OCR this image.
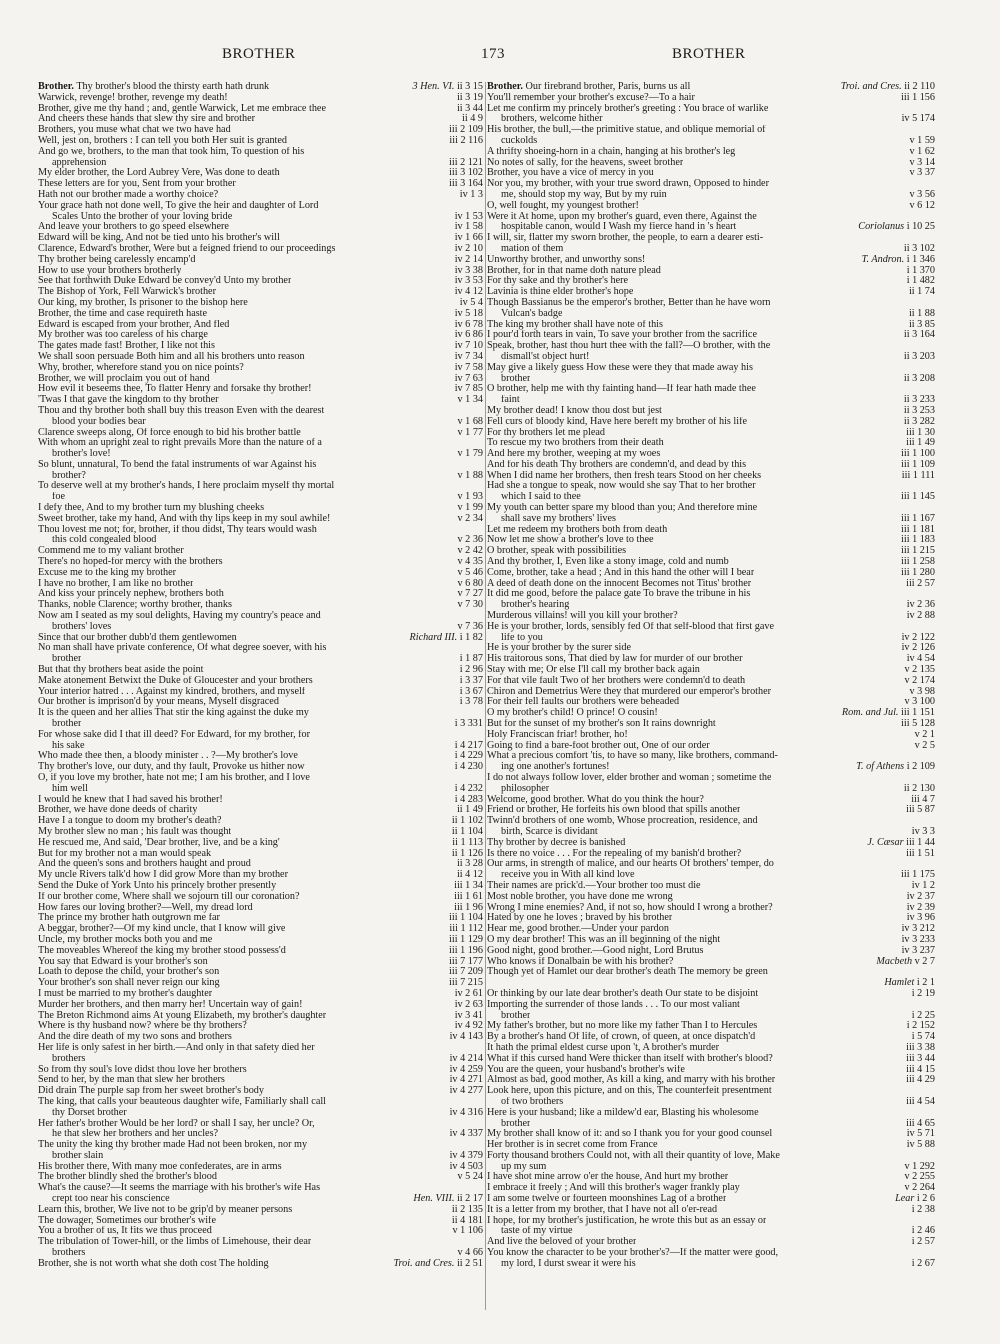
BROTHER	173	BROTHER
Brother. Thy brother's blood the thirsty earth hath drunk	3 Hen. VI. ii 3 15
Warwick, revenge! brother, revenge my death!	ii 3 19
Brother, give me thy hand ; and, gentle Warwick, Let me embrace thee	ii 3 44
And cheers these hands that slew thy sire and brother	ii 4 9
Brothers, you muse what chat we two have had	iii 2 109
Well, jest on, brothers : I can tell you both Her suit is granted	iii 2 116
And go we, brothers, to the man that took him, To question of his
apprehension	iii 2 121
My elder brother, the Lord Aubrey Vere, Was done to death	iii 3 102
These letters are for you, Sent from your brother	iii 3 164
Hath not our brother made a worthy choice?	iv 1 3
Your grace hath not done well, To give the heir and daughter of Lord
Scales Unto the brother of your loving bride	iv 1 53
And leave your brothers to go speed elsewhere	iv 1 58
Edward will be king, And not be tied unto his brother's will	iv 1 66
Clarence, Edward's brother, Were but a feigned friend to our proceedings	iv 2 10
Thy brother being carelessly encamp'd	iv 2 14
How to use your brothers brotherly	iv 3 38
See that forthwith Duke Edward be convey'd Unto my brother	iv 3 53
The Bishop of York, Fell Warwick's brother	iv 4 12
Our king, my brother, Is prisoner to the bishop here	iv 5 4
Brother, the time and case requireth haste	iv 5 18
Edward is escaped from your brother, And fled	iv 6 78
My brother was too careless of his charge	iv 6 86
The gates made fast! Brother, I like not this	iv 7 10
We shall soon persuade Both him and all his brothers unto reason	iv 7 34
Why, brother, wherefore stand you on nice points?	iv 7 58
Brother, we will proclaim you out of hand	iv 7 63
How evil it beseems thee, To flatter Henry and forsake thy brother!	iv 7 85
'Twas I that gave the kingdom to thy brother	v 1 34
Thou and thy brother both shall buy this treason Even with the dearest
blood your bodies bear	v 1 68
Clarence sweeps along, Of force enough to bid his brother battle	v 1 77
With whom an upright zeal to right prevails More than the nature of a
brother's love!	v 1 79
So blunt, unnatural, To bend the fatal instruments of war Against his
brother?	v 1 88
To deserve well at my brother's hands, I here proclaim myself thy mortal
foe	v 1 93
I defy thee, And to my brother turn my blushing cheeks	v 1 99
Sweet brother, take my hand, And with thy lips keep in my soul awhile!	v 2 34
Thou lovest me not; for, brother, if thou didst, Thy tears would wash
this cold congealed blood	v 2 36
Commend me to my valiant brother	v 2 42
There's no hoped-for mercy with the brothers	v 4 35
Excuse me to the king my brother	v 5 46
I have no brother, I am like no brother	v 6 80
And kiss your princely nephew, brothers both	v 7 27
Thanks, noble Clarence; worthy brother, thanks	v 7 30
Now am I seated as my soul delights, Having my country's peace and
brothers' loves	v 7 36
Since that our brother dubb'd them gentlewomen	Richard III. i 1 82
No man shall have private conference, Of what degree soever, with his
brother	i 1 87
But that thy brothers beat aside the point	i 2 96
Make atonement Betwixt the Duke of Gloucester and your brothers	i 3 37
Your interior hatred . . . Against my kindred, brothers, and myself	i 3 67
Our brother is imprison'd by your means, Myself disgraced	i 3 78
It is the queen and her allies That stir the king against the duke my
brother	i 3 331
For whose sake did I that ill deed? For Edward, for my brother, for
his sake	i 4 217
Who made thee then, a bloody minister . . ?—My brother's love	i 4 229
Thy brother's love, our duty, and thy fault, Provoke us hither now	i 4 230
O, if you love my brother, hate not me; I am his brother, and I love
him well	i 4 232
I would he knew that I had saved his brother!	i 4 283
Brother, we have done deeds of charity	ii 1 49
Have I a tongue to doom my brother's death?	ii 1 102
My brother slew no man ; his fault was thought	ii 1 104
He rescued me, And said, 'Dear brother, live, and be a king'	ii 1 113
But for my brother not a man would speak	ii 1 126
And the queen's sons and brothers haught and proud	ii 3 28
My uncle Rivers talk'd how I did grow More than my brother	ii 4 12
Send the Duke of York Unto his princely brother presently	iii 1 34
If our brother come, Where shall we sojourn till our coronation?	iii 1 61
How fares our loving brother?—Well, my dread lord	iii 1 96
The prince my brother hath outgrown me far	iii 1 104
A beggar, brother?—Of my kind uncle, that I know will give	iii 1 112
Uncle, my brother mocks both you and me	iii 1 129
The moveables Whereof the king my brother stood possess'd	iii 1 196
You say that Edward is your brother's son	iii 7 177
Loath to depose the child, your brother's son	iii 7 209
Your brother's son shall never reign our king	iii 7 215
I must be married to my brother's daughter	iv 2 61
Murder her brothers, and then marry her! Uncertain way of gain!	iv 2 63
The Breton Richmond aims At young Elizabeth, my brother's daughter	iv 3 41
Where is thy husband now? where be thy brothers?	iv 4 92
And the dire death of my two sons and brothers	iv 4 143
Her life is only safest in her birth.—And only in that safety died her
brothers	iv 4 214
So from thy soul's love didst thou love her brothers	iv 4 259
Send to her, by the man that slew her brothers	iv 4 271
Did drain The purple sap from her sweet brother's body	iv 4 277
The king, that calls your beauteous daughter wife, Familiarly shall call
thy Dorset brother	iv 4 316
Her father's brother Would be her lord? or shall I say, her uncle? Or,
he that slew her brothers and her uncles?	iv 4 337
The unity the king thy brother made Had not been broken, nor my
brother slain	iv 4 379
His brother there, With many moe confederates, are in arms	iv 4 503
The brother blindly shed the brother's blood	v 5 24
What's the cause?—It seems the marriage with his brother's wife Has
crept too near his conscience	Hen. VIII. ii 2 17
Learn this, brother, We live not to be grip'd by meaner persons	ii 2 135
The dowager, Sometimes our brother's wife	ii 4 181
You a brother of us, It fits we thus proceed	v 1 106
The tribulation of Tower-hill, or the limbs of Limehouse, their dear
brothers	v 4 66
Brother, she is not worth what she doth cost The holding	Troi. and Cres. ii 2 51
Brother. Our firebrand brother, Paris, burns us all	Troi. and Cres. ii 2 110
You'll remember your brother's excuse?—To a hair	iii 1 156
Let me confirm my princely brother's greeting : You brace of warlike
brothers, welcome hither	iv 5 174
His brother, the bull,—the primitive statue, and oblique memorial of
cuckolds	v 1 59
A thrifty shoeing-horn in a chain, hanging at his brother's leg	v 1 62
No notes of sally, for the heavens, sweet brother	v 3 14
Brother, you have a vice of mercy in you	v 3 37
Nor you, my brother, with your true sword drawn, Opposed to hinder
me, should stop my way, But by my ruin	v 3 56
O, well fought, my youngest brother!	v 6 12
Were it At home, upon my brother's guard, even there, Against the
hospitable canon, would I Wash my fierce hand in 's heart	Coriolanus i 10 25
I will, sir, flatter my sworn brother, the people, to earn a dearer esti-
mation of them	ii 3 102
Unworthy brother, and unworthy sons!	T. Andron. i 1 346
Brother, for in that name doth nature plead	i 1 370
For thy sake and thy brother's here	i 1 482
Lavinia is thine elder brother's hope	ii 1 74
Though Bassianus be the emperor's brother, Better than he have worn
Vulcan's badge	ii 1 88
The king my brother shall have note of this	ii 3 85
I pour'd forth tears in vain, To save your brother from the sacrifice	ii 3 164
Speak, brother, hast thou hurt thee with the fall?—O brother, with the
dismall'st object hurt!	ii 3 203
May give a likely guess How these were they that made away his
brother	ii 3 208
O brother, help me with thy fainting hand—If fear hath made thee
faint	ii 3 233
My brother dead! I know thou dost but jest	ii 3 253
Fell curs of bloody kind, Have here bereft my brother of his life	ii 3 282
For thy brothers let me plead	iii 1 30
To rescue my two brothers from their death	iii 1 49
And here my brother, weeping at my woes	iii 1 100
And for his death Thy brothers are condemn'd, and dead by this	iii 1 109
When I did name her brothers, then fresh tears Stood on her cheeks	iii 1 111
Had she a tongue to speak, now would she say That to her brother
which I said to thee	iii 1 145
My youth can better spare my blood than you; And therefore mine
shall save my brothers' lives	iii 1 167
Let me redeem my brothers both from death	iii 1 181
Now let me show a brother's love to thee	iii 1 183
O brother, speak with possibilities	iii 1 215
And thy brother, I, Even like a stony image, cold and numb	iii 1 258
Come, brother, take a head ; And in this hand the other will I bear	iii 1 280
A deed of death done on the innocent Becomes not Titus' brother	iii 2 57
It did me good, before the palace gate To brave the tribune in his
brother's hearing	iv 2 36
Murderous villains! will you kill your brother?	iv 2 88
He is your brother, lords, sensibly fed Of that self-blood that first gave
life to you	iv 2 122
He is your brother by the surer side	iv 2 126
His traitorous sons, That died by law for murder of our brother	iv 4 54
Stay with me; Or else I'll call my brother back again	v 2 135
For that vile fault Two of her brothers were condemn'd to death	v 2 174
Chiron and Demetrius Were they that murdered our emperor's brother	v 3 98
For their fell faults our brothers were beheaded	v 3 100
O my brother's child! O prince! O cousin!	Rom. and Jul. iii 1 151
But for the sunset of my brother's son It rains downright	iii 5 128
Holy Franciscan friar! brother, ho!	v 2 1
Going to find a bare-foot brother out, One of our order	v 2 5
What a precious comfort 'tis, to have so many, like brothers, command-
ing one another's fortunes!	T. of Athens i 2 109
I do not always follow lover, elder brother and woman ; sometime the
philosopher	ii 2 130
Welcome, good brother. What do you think the hour?	iii 4 7
Friend or brother, He forfeits his own blood that spills another	iii 5 87
Twinn'd brothers of one womb, Whose procreation, residence, and
birth, Scarce is dividant	iv 3 3
Thy brother by decree is banished	J. Cæsar iii 1 44
Is there no voice . . . For the repealing of my banish'd brother?	iii 1 51
Our arms, in strength of malice, and our hearts Of brothers' temper, do
receive you in With all kind love	iii 1 175
Their names are prick'd.—Your brother too must die	iv 1 2
Most noble brother, you have done me wrong	iv 2 37
Wrong I mine enemies? And, if not so, how should I wrong a brother?	iv 2 39
Hated by one he loves ; braved by his brother	iv 3 96
Hear me, good brother.—Under your pardon	iv 3 212
O my dear brother! This was an ill beginning of the night	iv 3 233
Good night, good brother.—Good night, Lord Brutus	iv 3 237
Who knows if Donalbain be with his brother?	Macbeth v 2 7
Though yet of Hamlet our dear brother's death The memory be green
Hamlet i 2 1
Or thinking by our late dear brother's death Our state to be disjoint	i 2 19
Importing the surrender of those lands . . . To our most valiant
brother	i 2 25
My father's brother, but no more like my father Than I to Hercules	i 2 152
By a brother's hand Of life, of crown, of queen, at once dispatch'd	i 5 74
It hath the primal eldest curse upon 't, A brother's murder	iii 3 38
What if this cursed hand Were thicker than itself with brother's blood?	iii 3 44
You are the queen, your husband's brother's wife	iii 4 15
Almost as bad, good mother, As kill a king, and marry with his brother	iii 4 29
Look here, upon this picture, and on this, The counterfeit presentment
of two brothers	iii 4 54
Here is your husband; like a mildew'd ear, Blasting his wholesome
brother	iii 4 65
My brother shall know of it: and so I thank you for your good counsel	iv 5 71
Her brother is in secret come from France	iv 5 88
Forty thousand brothers Could not, with all their quantity of love, Make
up my sum	v 1 292
I have shot mine arrow o'er the house, And hurt my brother	v 2 255
I embrace it freely ; And will this brother's wager frankly play	v 2 264
I am some twelve or fourteen moonshines Lag of a brother	Lear i 2 6
It is a letter from my brother, that I have not all o'er-read	i 2 38
I hope, for my brother's justification, he wrote this but as an essay or
taste of my virtue	i 2 46
And live the beloved of your brother	i 2 57
You know the character to be your brother's?—If the matter were good,
my lord, I durst swear it were his	i 2 67
